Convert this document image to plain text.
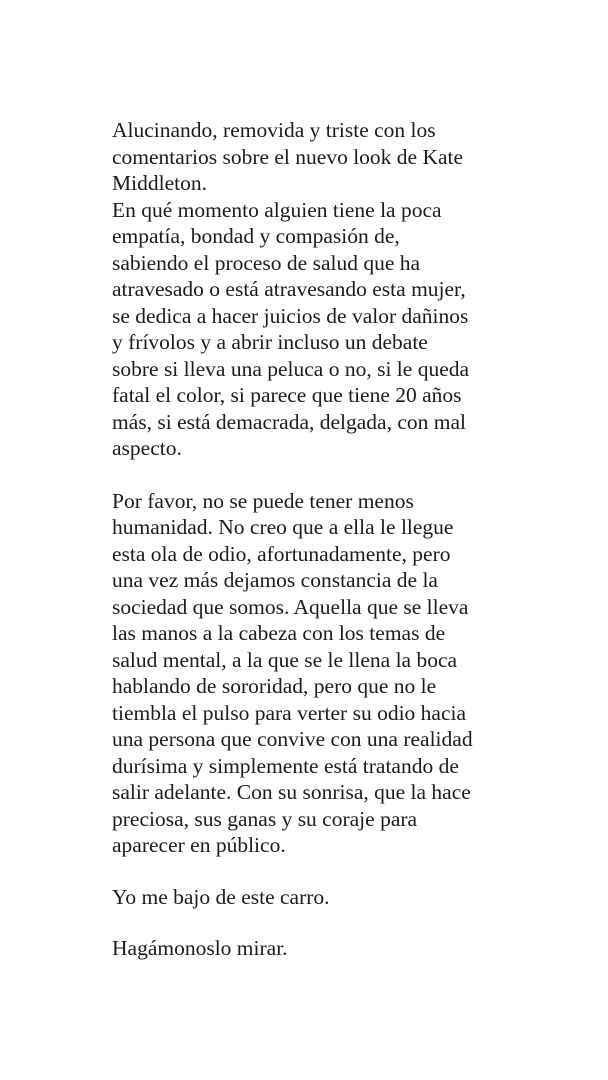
Alucinando, removida y triste con los

comentarios sobre el nuevo look de Kate

Middleton.

En qué momento alguien tiene la poca

empatía, bondad y compasión de,

sabiendo el proceso de salud que ha

atravesado o está atravesando esta mujer,

se dedica a hacer juicios de valor dañinos

y frívolos y a abrir incluso un debate

sobre si lleva una peluca o no, si le queda

fatal el color, si parece que tiene 20 años

más, si está demacrada, delgada, con mal

aspecto.

Por favor, no se puede tener menos

humanidad. No creo que a ella le llegue

esta ola de odio, afortunadamente, pero

una vez más dejamos constancia de la

sociedad que somos. Aquella que se lleva

las manos a la cabeza con los temas de

salud mental, a la que se le llena la boca

hablando de sororidad, pero que no le

tiembla el pulso para verter su odio hacia

una persona que convive con una realidad

durísima y simplemente está tratando de

salir adelante. Con su sonrisa, que la hace

preciosa, sus ganas y su coraje para

aparecer en público.

Yo me bajo de este carro.

Hagámonoslo mirar.
